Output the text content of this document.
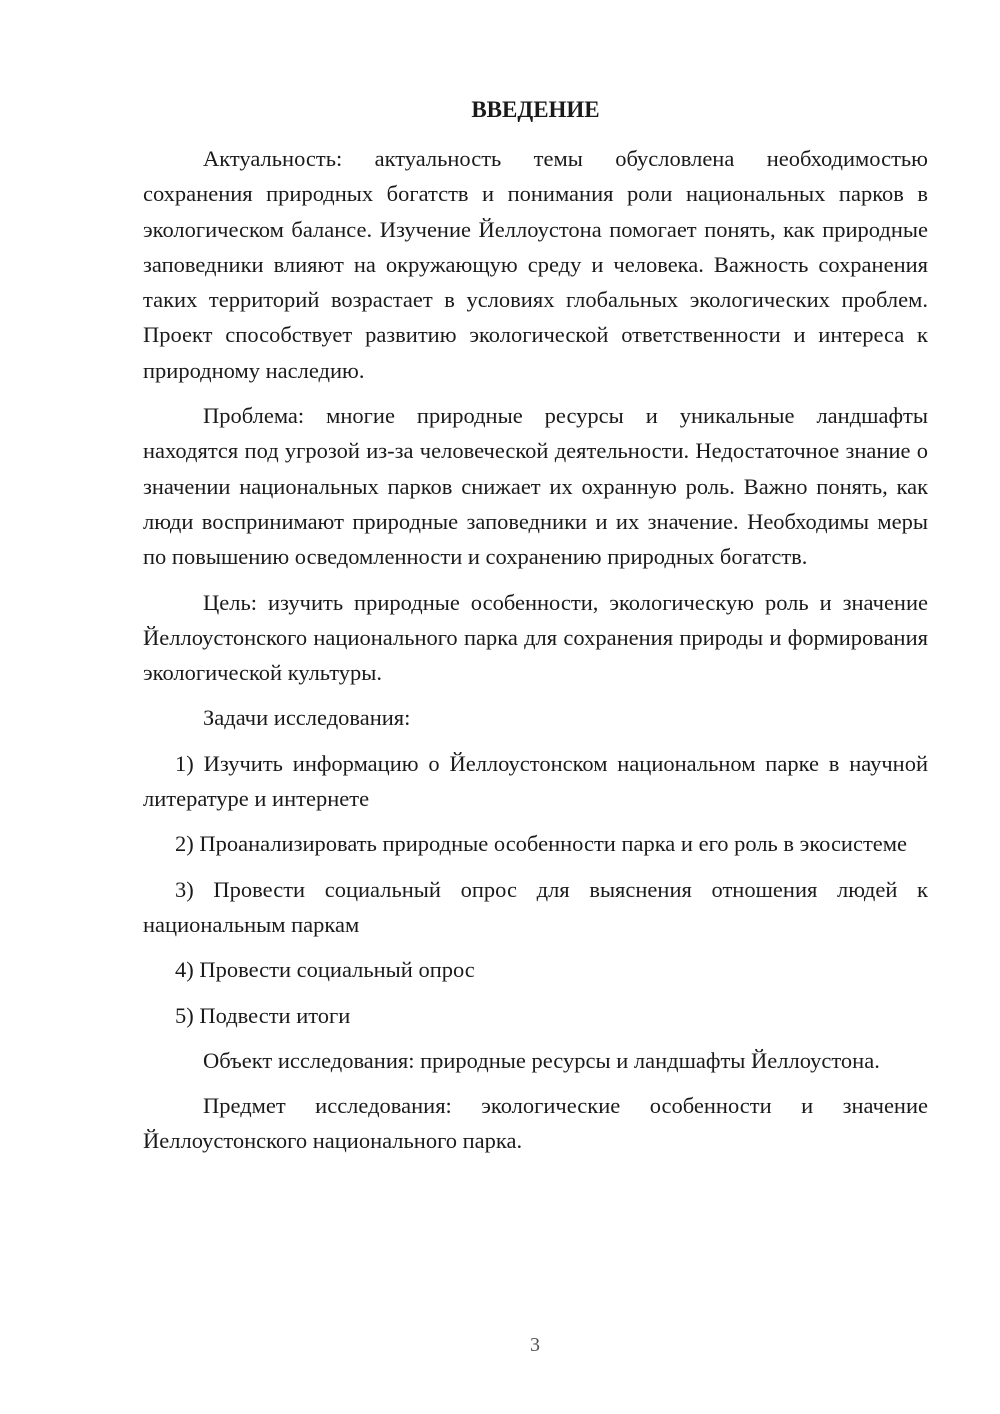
ВВЕДЕНИЕ

Актуальность: актуальность темы обусловлена необходимостью сохранения природных богатств и понимания роли национальных парков в экологическом балансе. Изучение Йеллоустона помогает понять, как природные заповедники влияют на окружающую среду и человека. Важность сохранения таких территорий возрастает в условиях глобальных экологических проблем. Проект способствует развитию экологической ответственности и интереса к природному наследию.

Проблема: многие природные ресурсы и уникальные ландшафты находятся под угрозой из-за человеческой деятельности. Недостаточное знание о значении национальных парков снижает их охранную роль. Важно понять, как люди воспринимают природные заповедники и их значение. Необходимы меры по повышению осведомленности и сохранению природных богатств.

Цель: изучить природные особенности, экологическую роль и значение Йеллоустонского национального парка для сохранения природы и формирования экологической культуры.

Задачи исследования:

1) Изучить информацию о Йеллоустонском национальном парке в научной литературе и интернете

2) Проанализировать природные особенности парка и его роль в экосистеме

3) Провести социальный опрос для выяснения отношения людей к национальным паркам

4) Провести социальный опрос

5) Подвести итоги

Объект исследования: природные ресурсы и ландшафты Йеллоустона.

Предмет исследования: экологические особенности и значение Йеллоустонского национального парка.

3
